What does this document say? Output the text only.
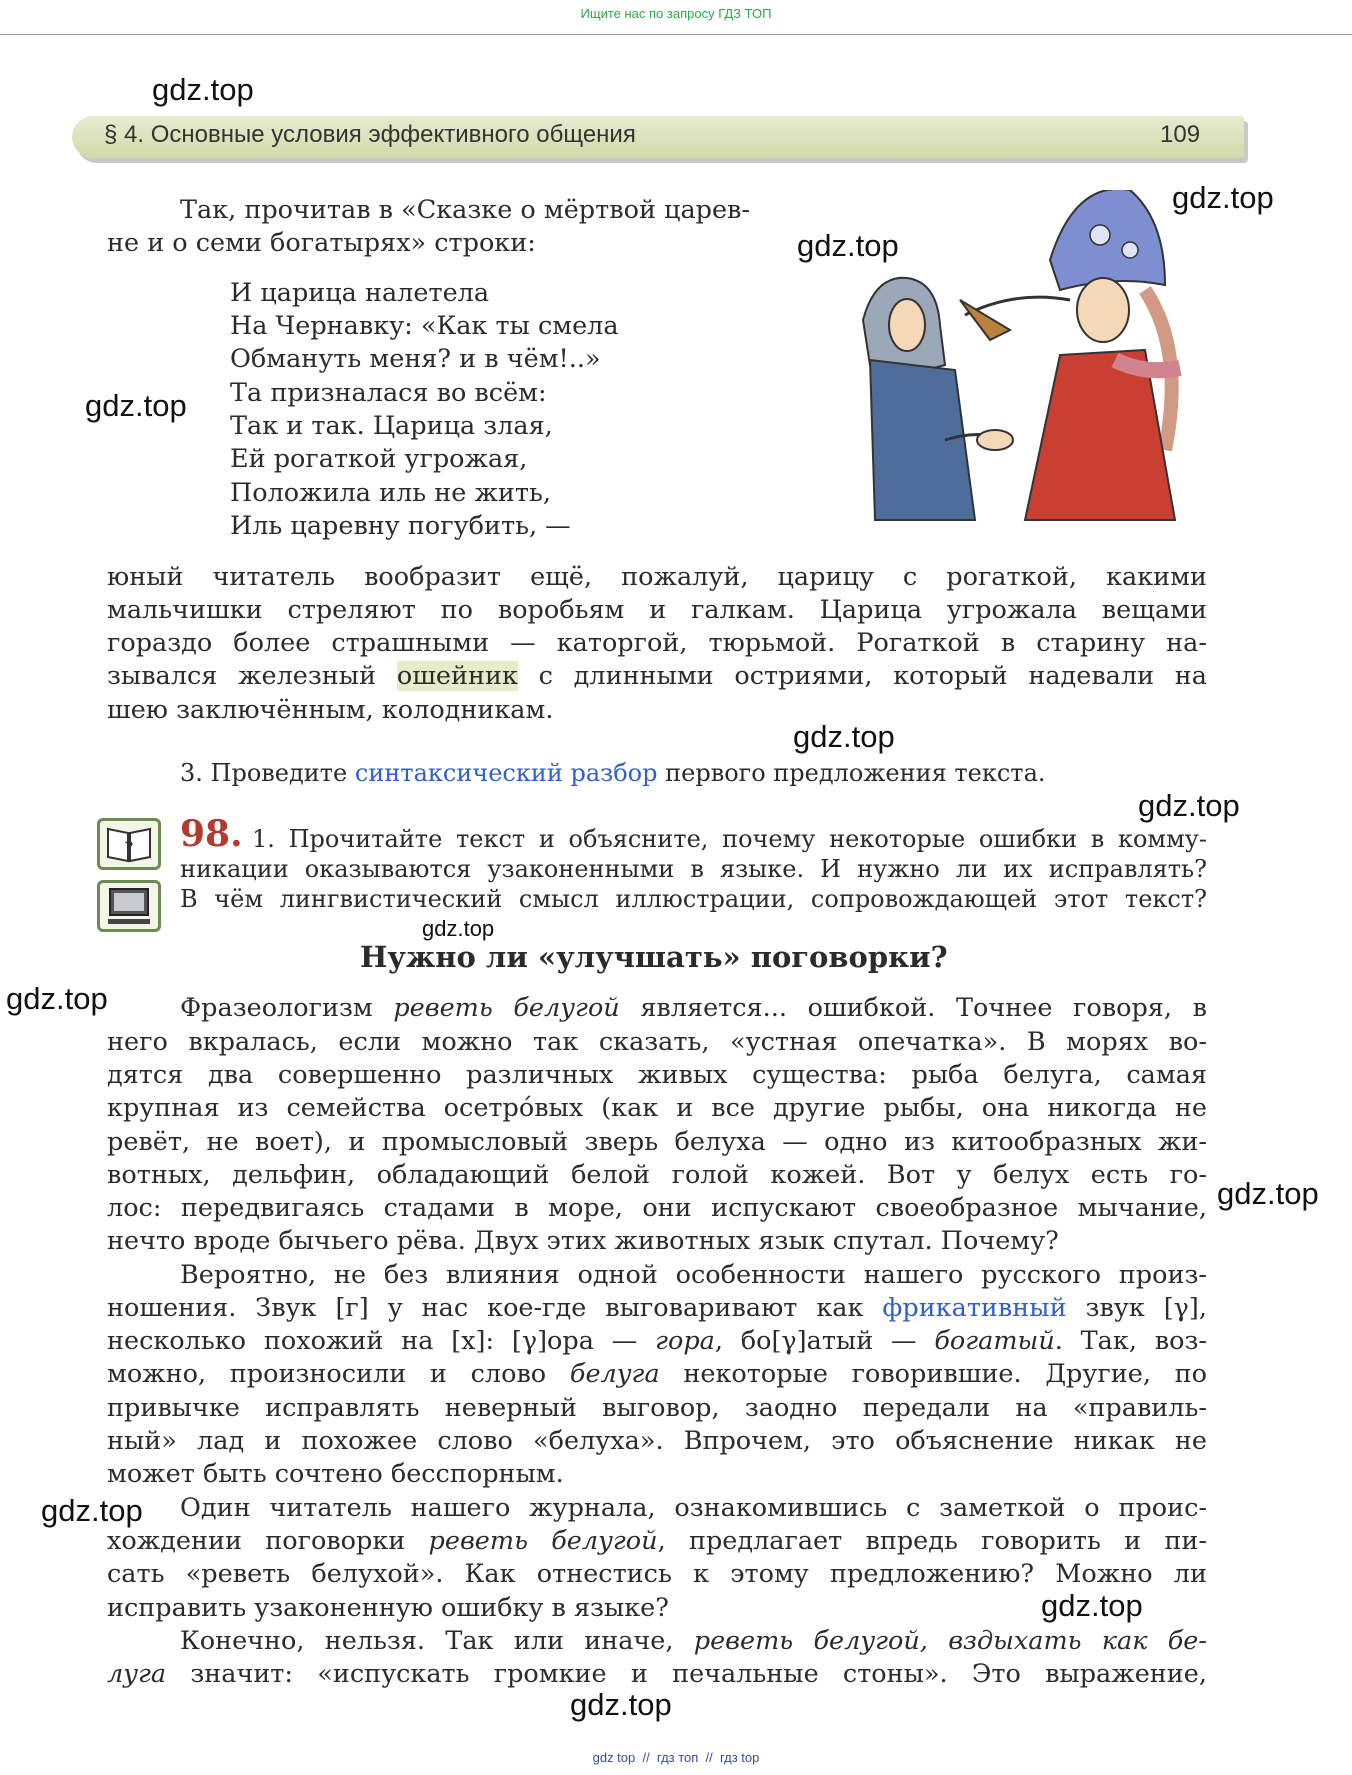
Ищите нас по запросу ГДЗ ТОП
gdz.top
gdz.top
gdz.top
gdz.top
gdz.top
gdz.top
gdz.top
gdz.top
gdz.top
gdz.top
gdz.top
gdz.top
§ 4. Основные условия эффективного общения	109
Так, прочитав в «Сказке о мёртвой царев-
не и о семи богатырях» строки:
И царица налетела
На Чернавку: «Как ты смела
Обмануть меня? и в чём!..»
Та призналася во всём:
Так и так. Царица злая,
Ей рогаткой угрожая,
Положила иль не жить,
Иль царевну погубить, —
юный читатель вообразит ещё, пожалуй, царицу с рогаткой, какими
мальчишки стреляют по воробьям и галкам. Царица угрожала вещами
гораздо более страшными — каторгой, тюрьмой. Рогаткой в старину на-
зывался железный ошейник с длинными остриями, который надевали на
шею заключённым, колодникам.
3. Проведите синтаксический разбор первого предложения текста.
? 98. 1. Прочитайте текст и объясните, почему некоторые ошибки в комму-
никации оказываются узаконенными в языке. И нужно ли их исправлять?
В чём лингвистический смысл иллюстрации, сопровождающей этот текст?
Нужно ли «улучшать» поговорки?
Фразеологизм реветь белугой является... ошибкой. Точнее говоря, в
него вкралась, если можно так сказать, «устная опечатка». В морях во-
дятся два совершенно различных живых существа: рыба белуга, самая
крупная из семейства осетрóвых (как и все другие рыбы, она никогда не
ревёт, не воет), и промысловый зверь белуха — одно из китообразных жи-
вотных, дельфин, обладающий белой голой кожей. Вот у белух есть го-
лос: передвигаясь стадами в море, они испускают своеобразное мычание,
нечто вроде бычьего рёва. Двух этих животных язык спутал. Почему?
Вероятно, не без влияния одной особенности нашего русского произ-
ношения. Звук [г] у нас кое-где выговаривают как фрикативный звук [γ],
несколько похожий на [х]: [γ]ора — гора, бо[γ]атый — богатый. Так, воз-
можно, произносили и слово белуга некоторые говорившие. Другие, по
привычке исправлять неверный выговор, заодно передали на «правиль-
ный» лад и похожее слово «белуха». Впрочем, это объяснение никак не
может быть сочтено бесспорным.
Один читатель нашего журнала, ознакомившись с заметкой о проис-
хождении поговорки реветь белугой, предлагает впредь говорить и пи-
сать «реветь белухой». Как отнестись к этому предложению? Можно ли
исправить узаконенную ошибку в языке?
Конечно, нельзя. Так или иначе, реветь белугой, вздыхать как бе-
луга значит: «испускать громкие и печальные стоны». Это выражение,
gdz top  //  гдз топ  //  гдз top
